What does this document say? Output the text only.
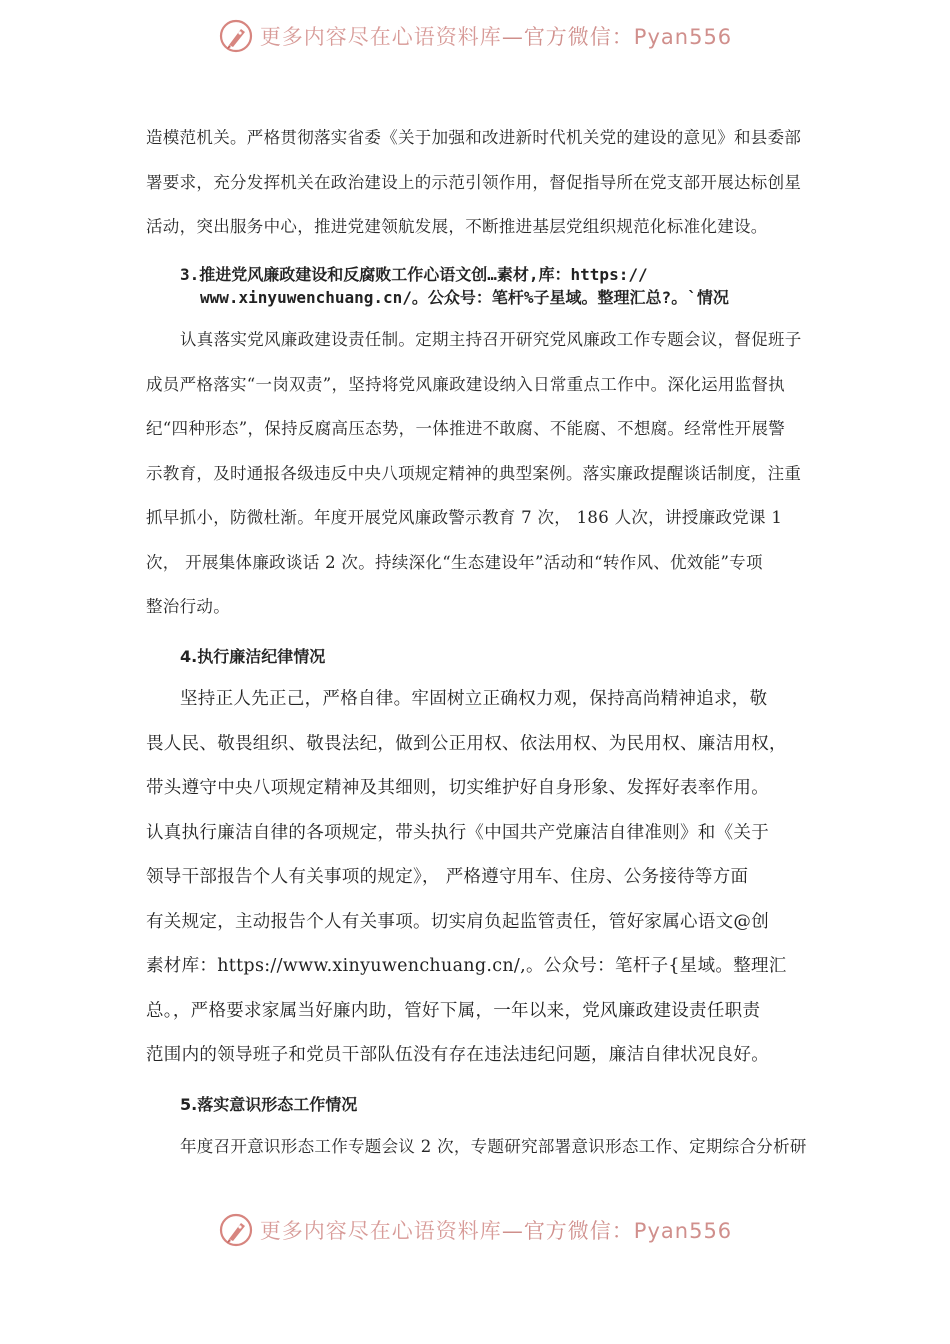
更多内容尽在心语资料库—官方微信：Pyan556
造模范机关。严格贯彻落实省委《关于加强和改进新时代机关党的建设的意见》和县委部
署要求，充分发挥机关在政治建设上的示范引领作用，督促指导所在党支部开展达标创星
活动，突出服务中心，推进党建领航发展，不断推进基层党组织规范化标准化建设。
3.推进党风廉政建设和反腐败工作心语文创…素材,库：https://
www.xinyuwenchuang.cn/。公众号：笔杆%子星域。整理汇总?。`情况
认真落实党风廉政建设责任制。定期主持召开研究党风廉政工作专题会议，督促班子
成员严格落实“一岗双责”，坚持将党风廉政建设纳入日常重点工作中。深化运用监督执
纪“四种形态”，保持反腐高压态势，一体推进不敢腐、不能腐、不想腐。经常性开展警
示教育，及时通报各级违反中央八项规定精神的典型案例。落实廉政提醒谈话制度，注重
抓早抓小，防微杜渐。年度开展党风廉政警示教育 7 次， 186 人次，讲授廉政党课 1
次， 开展集体廉政谈话 2 次。持续深化“生态建设年”活动和“转作风、优效能”专项
整治行动。
4.执行廉洁纪律情况
坚持正人先正己，严格自律。牢固树立正确权力观，保持高尚精神追求，敬
畏人民、敬畏组织、敬畏法纪，做到公正用权、依法用权、为民用权、廉洁用权，
带头遵守中央八项规定精神及其细则，切实维护好自身形象、发挥好表率作用。
认真执行廉洁自律的各项规定，带头执行《中国共产党廉洁自律准则》和《关于
领导干部报告个人有关事项的规定》， 严格遵守用车、住房、公务接待等方面
有关规定，主动报告个人有关事项。切实肩负起监管责任，管好家属心语文@创
素材库：https://www.xinyuwenchuang.cn/,。公众号：笔杆子{星域。整理汇
总。，严格要求家属当好廉内助，管好下属，一年以来，党风廉政建设责任职责
范围内的领导班子和党员干部队伍没有存在违法违纪问题，廉洁自律状况良好。
5.落实意识形态工作情况
年度召开意识形态工作专题会议 2 次，专题研究部署意识形态工作、定期综合分析研
更多内容尽在心语资料库—官方微信：Pyan556
